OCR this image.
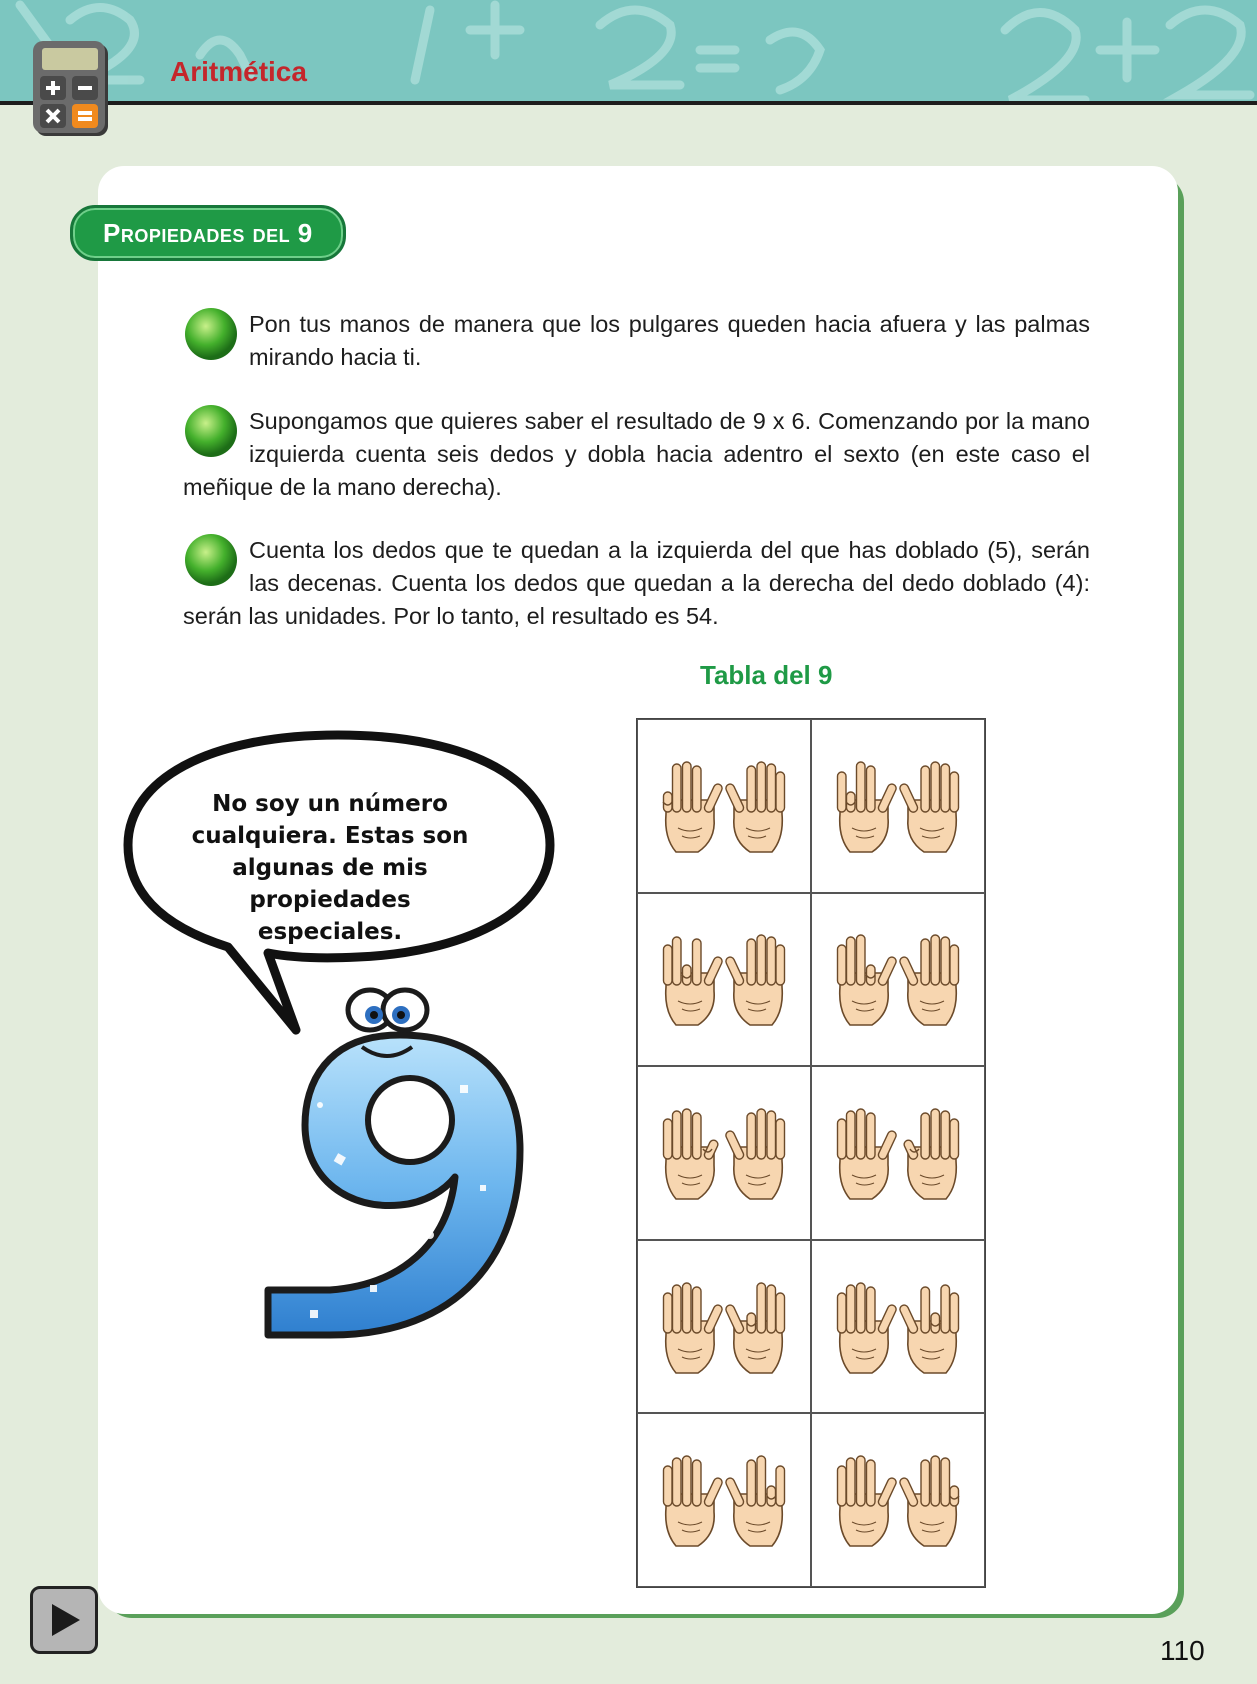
Aritmética
Propiedades del 9
Pon tus manos de manera que los pulgares queden hacia afuera y las palmas mirando hacia ti.
Supongamos que quieres saber el resultado de 9 x 6. Comenzando por la mano izquierda cuenta seis dedos y dobla hacia adentro el sexto (en este caso el meñique de la mano derecha).
Cuenta los dedos que te quedan a la izquierda del que has doblado (5), serán las decenas. Cuenta los dedos que quedan a la derecha del dedo doblado (4): serán las unidades. Por lo tanto, el resultado es 54.
Tabla del 9
No soy un número
cualquiera. Estas son
algunas de mis
propiedades especiales.
110
